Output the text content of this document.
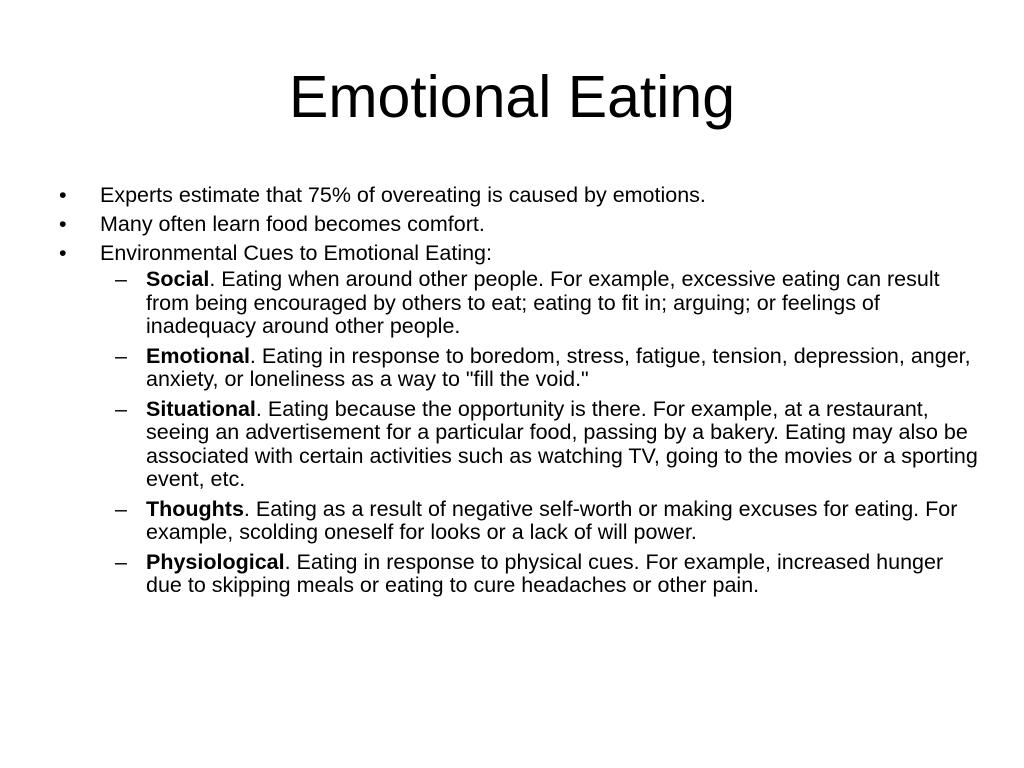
Emotional Eating
• Experts estimate that 75% of overeating is caused by emotions.
• Many often learn food becomes comfort.
• Environmental Cues to Emotional Eating:
– Social. Eating when around other people. For example, excessive eating can result from being encouraged by others to eat; eating to fit in; arguing; or feelings of inadequacy around other people.
– Emotional. Eating in response to boredom, stress, fatigue, tension, depression, anger, anxiety, or loneliness as a way to "fill the void."
– Situational. Eating because the opportunity is there. For example, at a restaurant, seeing an advertisement for a particular food, passing by a bakery. Eating may also be associated with certain activities such as watching TV, going to the movies or a sporting event, etc.
– Thoughts. Eating as a result of negative self-worth or making excuses for eating. For example, scolding oneself for looks or a lack of will power.
– Physiological. Eating in response to physical cues. For example, increased hunger due to skipping meals or eating to cure headaches or other pain.
